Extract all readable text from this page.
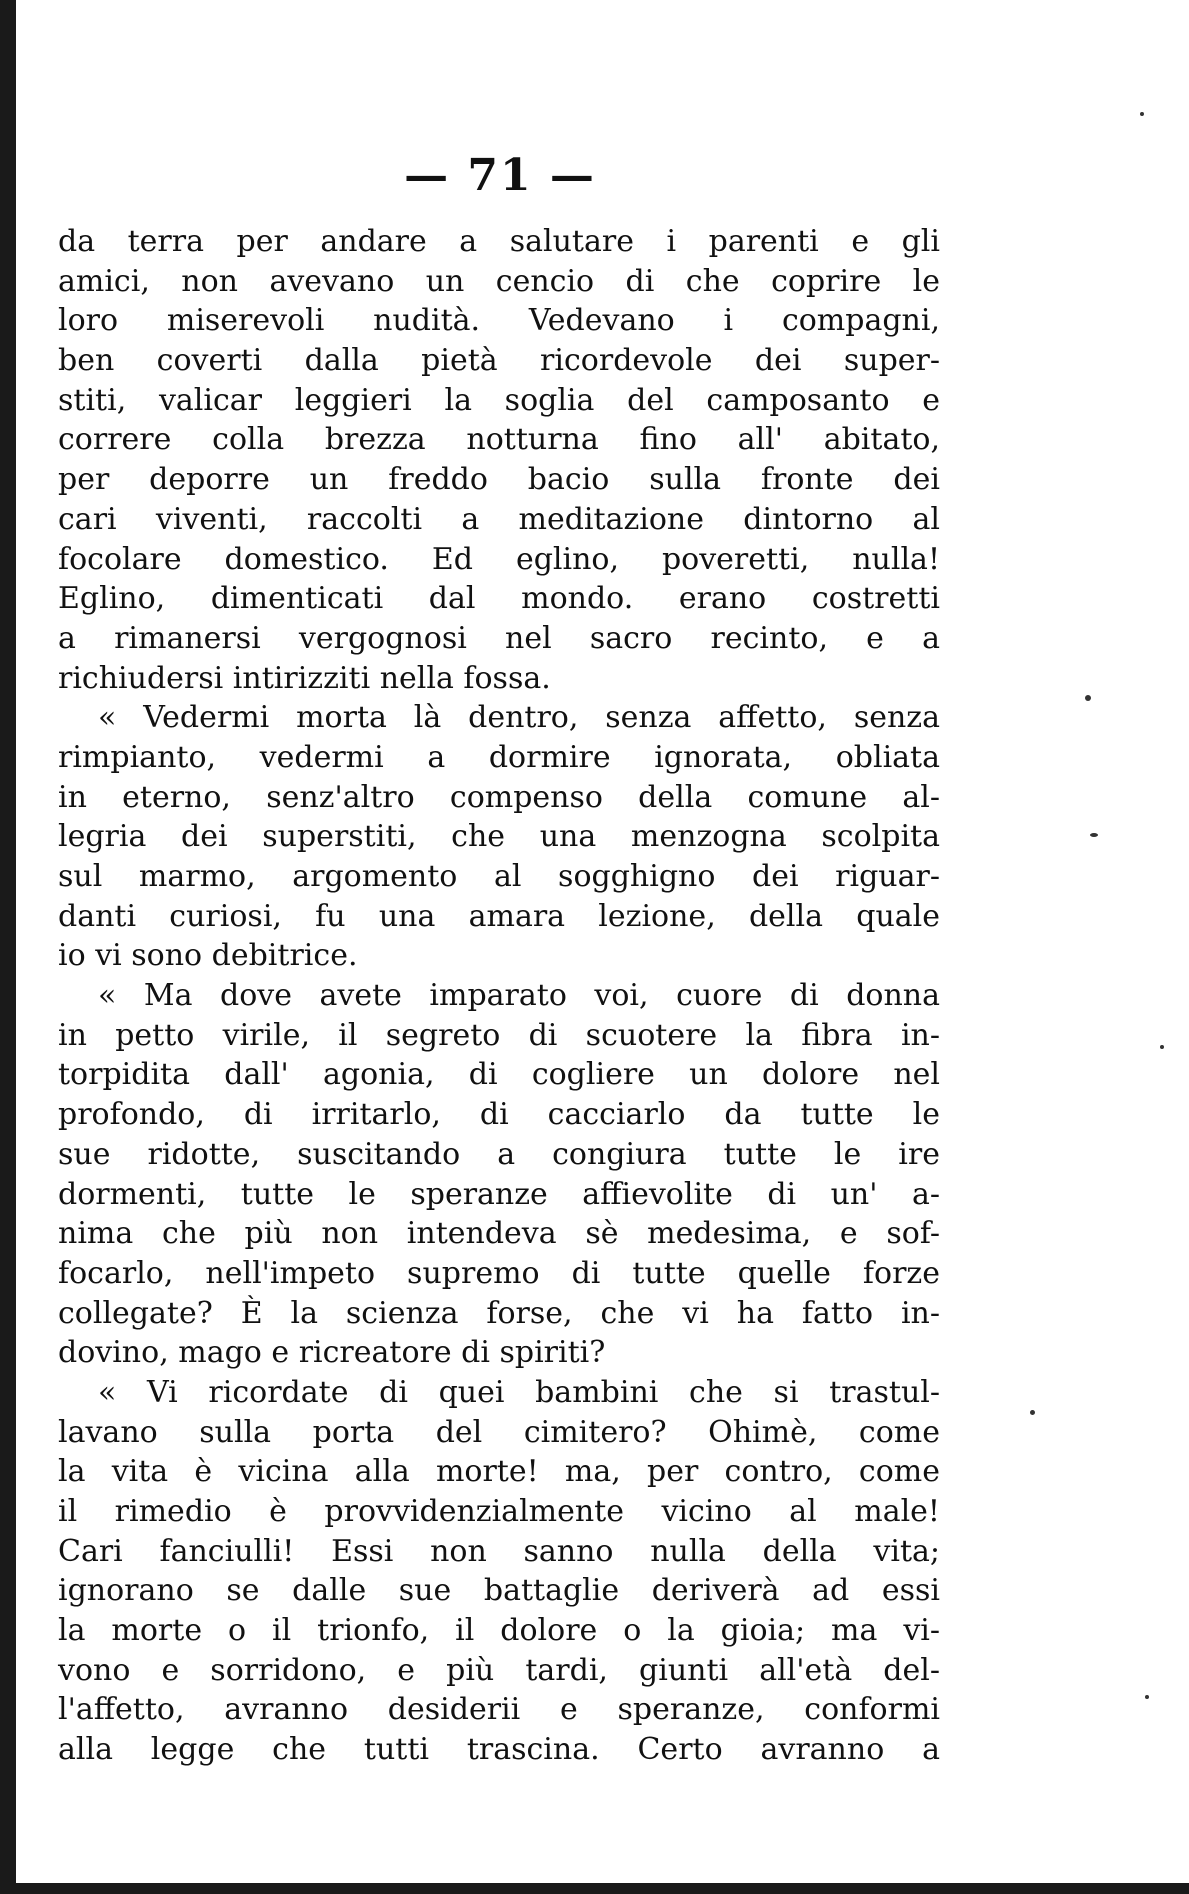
— 71 —
da terra per andare a salutare i parenti e gli
amici, non avevano un cencio di che coprire le
loro miserevoli nudità. Vedevano i compagni,
ben coverti dalla pietà ricordevole dei super-
stiti, valicar leggieri la soglia del camposanto e
correre colla brezza notturna fino all' abitato,
per deporre un freddo bacio sulla fronte dei
cari viventi, raccolti a meditazione dintorno al
focolare domestico. Ed eglino, poveretti, nulla!
Eglino, dimenticati dal mondo. erano costretti
a rimanersi vergognosi nel sacro recinto, e a
richiudersi intirizziti nella fossa.
« Vedermi morta là dentro, senza affetto, senza
rimpianto, vedermi a dormire ignorata, obliata
in eterno, senz'altro compenso della comune al-
legria dei superstiti, che una menzogna scolpita
sul marmo, argomento al sogghigno dei riguar-
danti curiosi, fu una amara lezione, della quale
io vi sono debitrice.
« Ma dove avete imparato voi, cuore di donna
in petto virile, il segreto di scuotere la fibra in-
torpidita dall' agonia, di cogliere un dolore nel
profondo, di irritarlo, di cacciarlo da tutte le
sue ridotte, suscitando a congiura tutte le ire
dormenti, tutte le speranze affievolite di un' a-
nima che più non intendeva sè medesima, e sof-
focarlo, nell'impeto supremo di tutte quelle forze
collegate? È la scienza forse, che vi ha fatto in-
dovino, mago e ricreatore di spiriti?
« Vi ricordate di quei bambini che si trastul-
lavano sulla porta del cimitero? Ohimè, come
la vita è vicina alla morte! ma, per contro, come
il rimedio è provvidenzialmente vicino al male!
Cari fanciulli! Essi non sanno nulla della vita;
ignorano se dalle sue battaglie deriverà ad essi
la morte o il trionfo, il dolore o la gioia; ma vi-
vono e sorridono, e più tardi, giunti all'età del-
l'affetto, avranno desiderii e speranze, conformi
alla legge che tutti trascina. Certo avranno a
